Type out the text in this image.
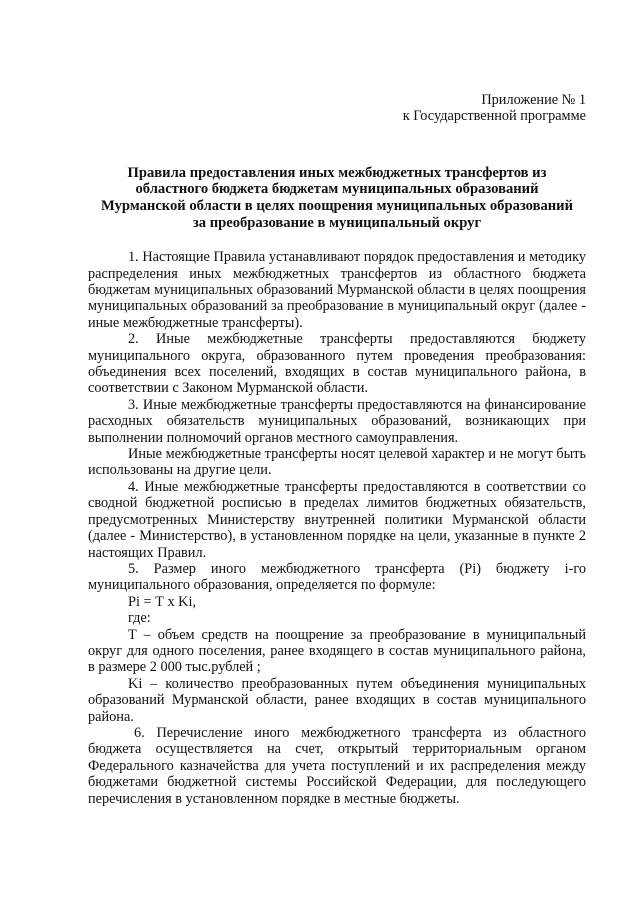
Приложение № 1
к Государственной программе
Правила предоставления иных межбюджетных трансфертов из областного бюджета бюджетам муниципальных образований Мурманской области в целях поощрения муниципальных образований за преобразование в муниципальный округ

1. Настоящие Правила устанавливают порядок предоставления и методику распределения иных межбюджетных трансфертов из областного бюджета бюджетам муниципальных образований Мурманской области в целях поощрения муниципальных образований за преобразование в муниципальный округ (далее - иные межбюджетные трансферты).

2. Иные межбюджетные трансферты предоставляются бюджету муниципального округа, образованного путем проведения преобразования: объединения всех поселений, входящих в состав муниципального района, в соответствии с Законом Мурманской области.

3. Иные межбюджетные трансферты предоставляются на финансирование расходных обязательств муниципальных образований, возникающих при выполнении полномочий органов местного самоуправления.

Иные межбюджетные трансферты носят целевой характер и не могут быть использованы на другие цели.

4. Иные межбюджетные трансферты предоставляются в соответствии со сводной бюджетной росписью в пределах лимитов бюджетных обязательств, предусмотренных Министерству внутренней политики Мурманской области (далее - Министерство), в установленном порядке на цели, указанные в пункте 2 настоящих Правил.

5. Размер иного межбюджетного трансферта (Рi) бюджету i-го муниципального образования, определяется по формуле:

Рi = Т х Ki,

где:

Т – объем средств на поощрение за преобразование в муниципальный округ для одного поселения, ранее входящего в состав муниципального района, в размере 2 000 тыс.рублей ;

Ki – количество преобразованных путем объединения муниципальных образований Мурманской области, ранее входящих в состав муниципального района.

6. Перечисление иного межбюджетного трансферта из областного бюджета осуществляется на счет, открытый территориальным органом Федерального казначейства для учета поступлений и их распределения между бюджетами бюджетной системы Российской Федерации, для последующего перечисления в установленном порядке в местные бюджеты.
